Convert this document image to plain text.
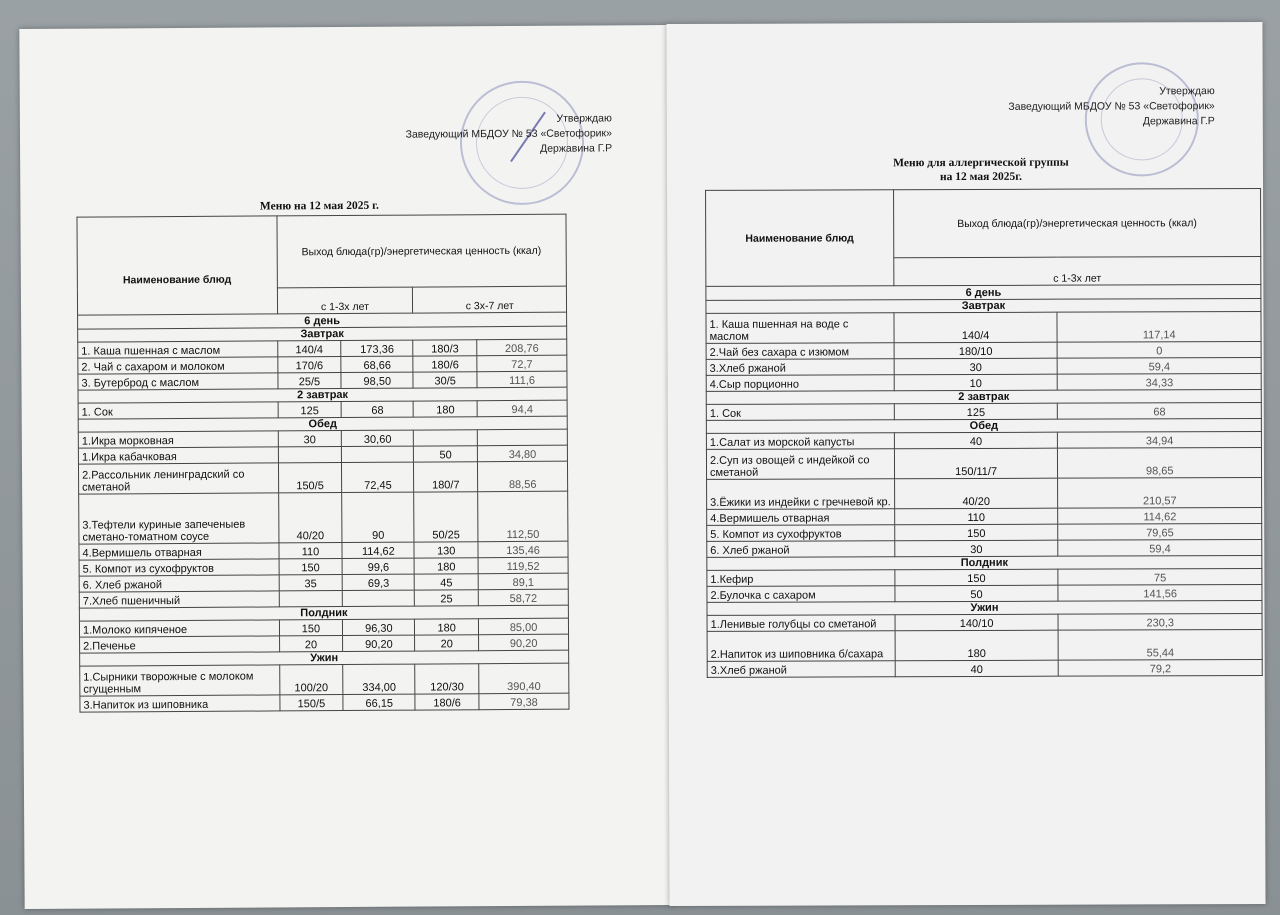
Утверждаю
Заведующий МБДОУ № 53 «Светофорик»
Державина Г.Р
Меню на 12 мая 2025 г.
Наименование блюд	Выход блюда(гр)/энергетическая ценность (ккал)			
	с 1-3х лет		с 3х-7 лет	
6 день				
Завтрак				
1. Каша пшенная с маслом	140/4	173,36	180/3	208,76
2. Чай с сахаром и молоком	170/6	68,66	180/6	72,7
3. Бутерброд с маслом	25/5	98,50	30/5	111,6
2 завтрак				
1. Сок	125	68	180	94,4
Обед				
1.Икра морковная	30	30,60		
1.Икра кабачковая			50	34,80
2.Рассольник ленинградский со сметаной	150/5	72,45	180/7	88,56
3.Тефтели куриные запеченыев сметано-томатном соусе	40/20	90	50/25	112,50
4.Вермишель отварная	110	114,62	130	135,46
5. Компот из сухофруктов	150	99,6	180	119,52
6. Хлеб ржаной	35	69,3	45	89,1
7.Хлеб пшеничный			25	58,72
Полдник				
1.Молоко кипяченое	150	96,30	180	85,00
2.Печенье	20	90,20	20	90,20
Ужин				
1.Сырники творожные с молоком сгущенным	100/20	334,00	120/30	390,40
3.Напиток из шиповника	150/5	66,15	180/6	79,38
Утверждаю
Заведующий МБДОУ № 53 «Светофорик»
Державина Г.Р
Меню для аллергической группы
на 12 мая 2025г.
Наименование блюд	Выход блюда(гр)/энергетическая ценность (ккал)	
	с 1-3х лет	
6 день		
Завтрак		
1. Каша пшенная на воде с маслом	140/4	117,14
2.Чай без сахара с изюмом	180/10	0
3.Хлеб ржаной	30	59,4
4.Сыр порционно	10	34,33
2 завтрак		
1. Сок	125	68
Обед		
1.Салат из морской капусты	40	34,94
2.Суп из овощей с индейкой со сметаной	150/11/7	98,65
3.Ёжики из индейки с гречневой кр.	40/20	210,57
4.Вермишель отварная	110	114,62
5. Компот из сухофруктов	150	79,65
6. Хлеб ржаной	30	59,4
Полдник		
1.Кефир	150	75
2.Булочка с сахаром	50	141,56
Ужин		
1.Ленивые голубцы со сметаной	140/10	230,3
2.Напиток из шиповника б/сахара	180	55,44
3.Хлеб ржаной	40	79,2
